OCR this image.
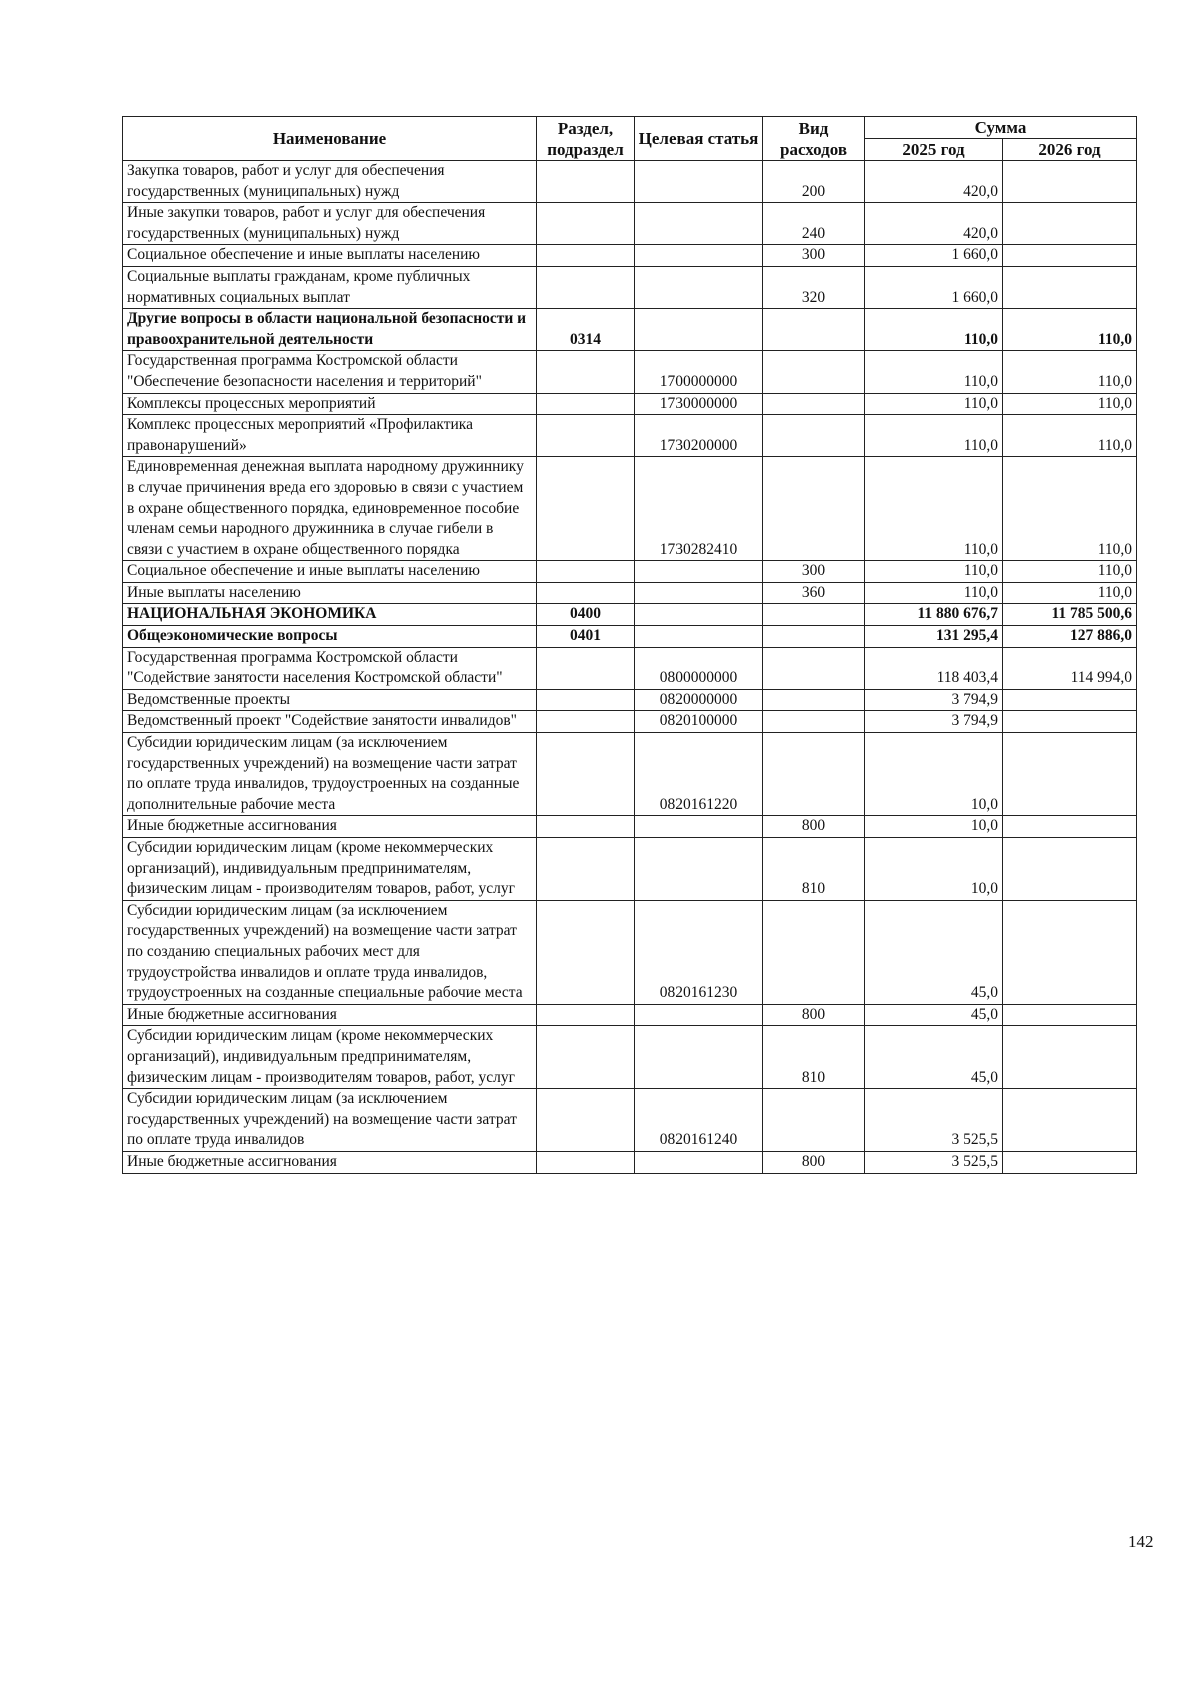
Наименование	Раздел, подраздел	Целевая статья	Вид расходов	Сумма	
				2025 год	2026 год
Закупка товаров, работ и услуг для обеспечения государственных (муниципальных) нужд			200	420,0	
Иные закупки товаров, работ и услуг для обеспечения государственных (муниципальных) нужд			240	420,0	
Социальное обеспечение и иные выплаты населению			300	1 660,0	
Социальные выплаты гражданам, кроме публичных нормативных социальных выплат			320	1 660,0	
Другие вопросы в области национальной безопасности и правоохранительной деятельности	0314			110,0	110,0
Государственная программа Костромской области "Обеспечение безопасности населения и территорий"		1700000000		110,0	110,0
Комплексы процессных мероприятий		1730000000		110,0	110,0
Комплекс процессных мероприятий «Профилактика правонарушений»		1730200000		110,0	110,0
Единовременная денежная выплата народному дружиннику в случае причинения вреда его здоровью в связи с участием в охране общественного порядка, единовременное пособие членам семьи народного дружинника в случае гибели в связи с участием в охране общественного порядка		1730282410		110,0	110,0
Социальное обеспечение и иные выплаты населению			300	110,0	110,0
Иные выплаты населению			360	110,0	110,0
НАЦИОНАЛЬНАЯ ЭКОНОМИКА	0400			11 880 676,7	11 785 500,6
Общеэкономические вопросы	0401			131 295,4	127 886,0
Государственная программа Костромской области "Содействие занятости населения Костромской области"		0800000000		118 403,4	114 994,0
Ведомственные проекты		0820000000		3 794,9	
Ведомственный проект "Содействие занятости инвалидов"		0820100000		3 794,9	
Субсидии юридическим лицам (за исключением государственных учреждений) на возмещение части затрат по оплате труда инвалидов, трудоустроенных на созданные дополнительные рабочие места		0820161220		10,0	
Иные бюджетные ассигнования			800	10,0	
Субсидии юридическим лицам (кроме некоммерческих организаций), индивидуальным предпринимателям, физическим лицам - производителям товаров, работ, услуг			810	10,0	
Субсидии юридическим лицам (за исключением государственных учреждений) на возмещение части затрат по созданию специальных рабочих мест для трудоустройства инвалидов и оплате труда инвалидов, трудоустроенных на созданные специальные рабочие места		0820161230		45,0	
Иные бюджетные ассигнования			800	45,0	
Субсидии юридическим лицам (кроме некоммерческих организаций), индивидуальным предпринимателям, физическим лицам - производителям товаров, работ, услуг			810	45,0	
Субсидии юридическим лицам (за исключением государственных учреждений) на возмещение части затрат по оплате труда инвалидов		0820161240		3 525,5	
Иные бюджетные ассигнования			800	3 525,5	
142
